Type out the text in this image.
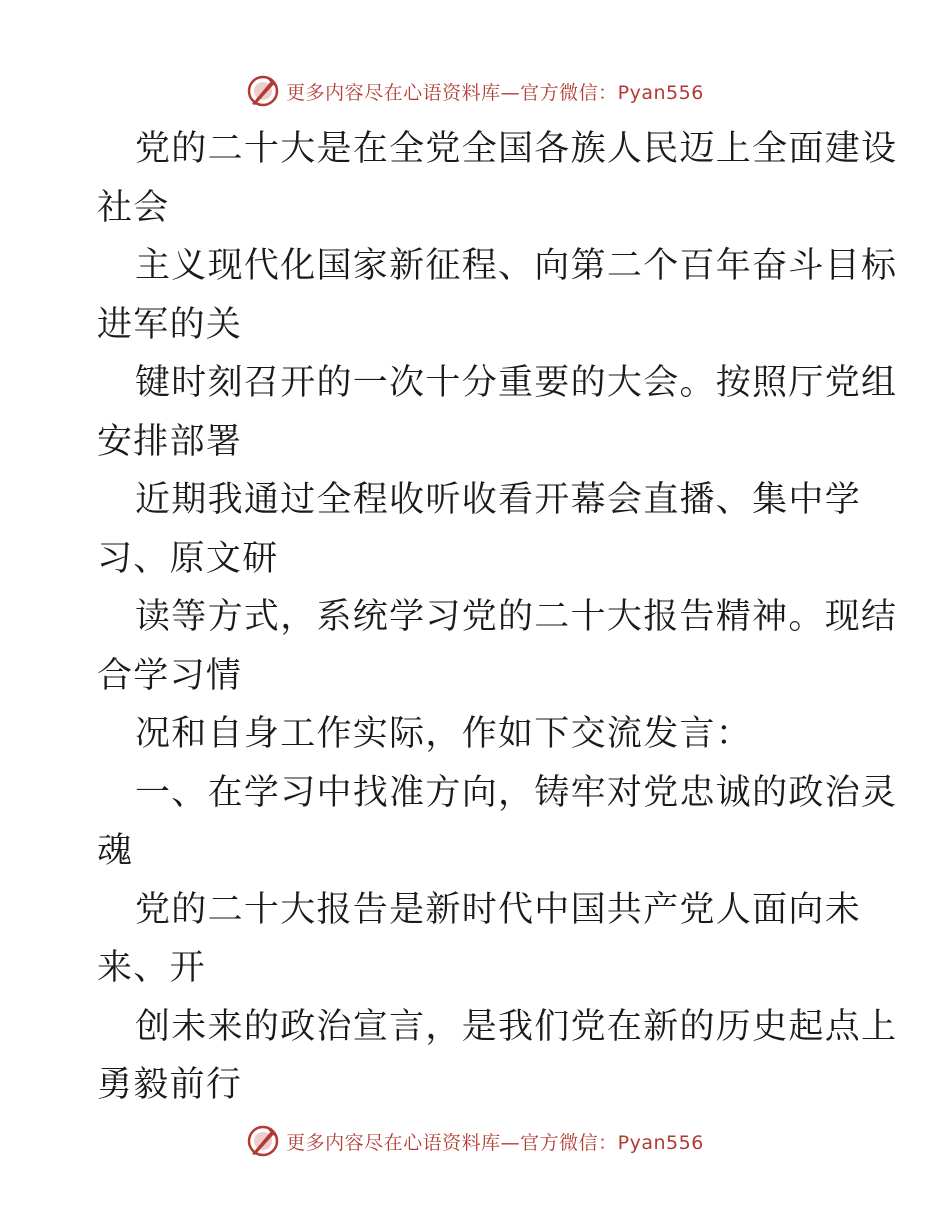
更多内容尽在心语资料库—官方微信：Pyan556
党的二十大是在全党全国各族人民迈上全面建设
社会
主义现代化国家新征程、向第二个百年奋斗目标
进军的关
键时刻召开的一次十分重要的大会。按照厅党组
安排部署
近期我通过全程收听收看开幕会直播、集中学
习、原文研
读等方式，系统学习党的二十大报告精神。现结
合学习情
况和自身工作实际，作如下交流发言：
一、在学习中找准方向，铸牢对党忠诚的政治灵
魂
党的二十大报告是新时代中国共产党人面向未
来、开
创未来的政治宣言，是我们党在新的历史起点上
勇毅前行
更多内容尽在心语资料库—官方微信：Pyan556
